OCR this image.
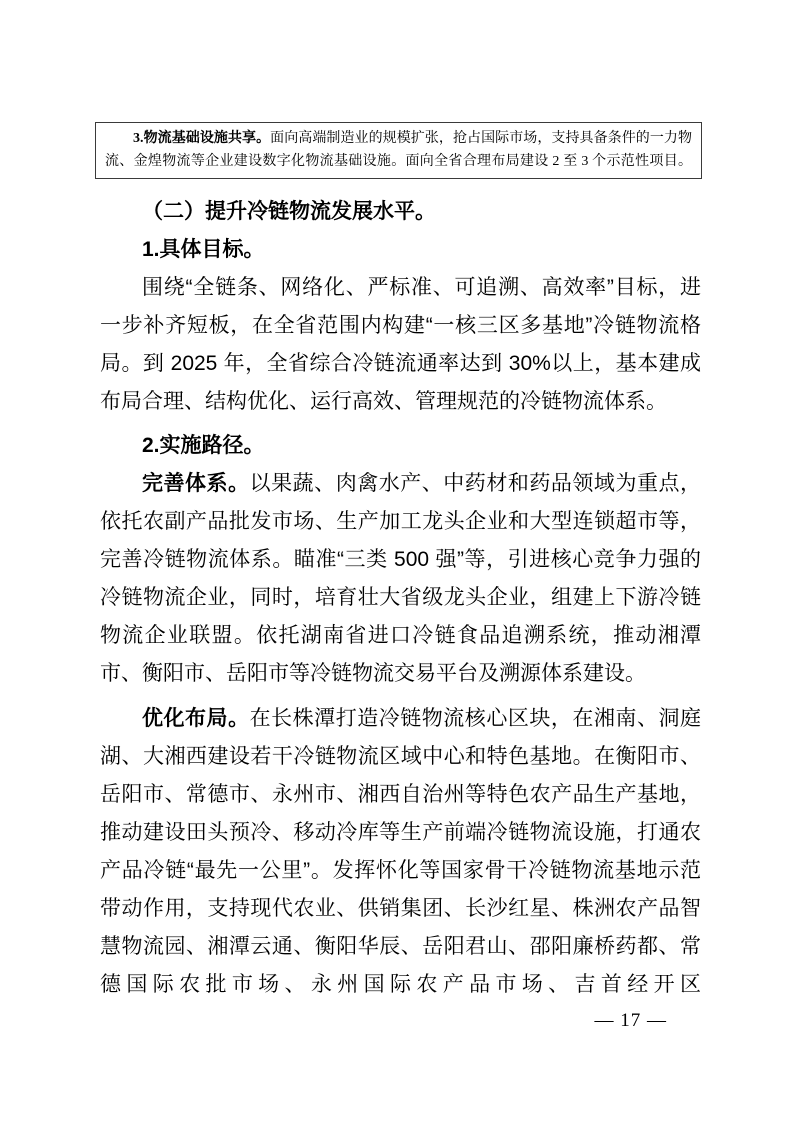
3.物流基础设施共享。面向高端制造业的规模扩张，抢占国际市场，支持具备条件的一力物流、金煌物流等企业建设数字化物流基础设施。面向全省合理布局建设 2 至 3 个示范性项目。
（二）提升冷链物流发展水平。
1.具体目标。

围绕“全链条、网络化、严标准、可追溯、高效率”目标，进一步补齐短板，在全省范围内构建“一核三区多基地”冷链物流格局。到 2025 年，全省综合冷链流通率达到 30%以上，基本建成布局合理、结构优化、运行高效、管理规范的冷链物流体系。

2.实施路径。

完善体系。以果蔬、肉禽水产、中药材和药品领域为重点，依托农副产品批发市场、生产加工龙头企业和大型连锁超市等，完善冷链物流体系。瞄准“三类 500 强”等，引进核心竞争力强的冷链物流企业，同时，培育壮大省级龙头企业，组建上下游冷链物流企业联盟。依托湖南省进口冷链食品追溯系统，推动湘潭市、衡阳市、岳阳市等冷链物流交易平台及溯源体系建设。

优化布局。在长株潭打造冷链物流核心区块，在湘南、洞庭湖、大湘西建设若干冷链物流区域中心和特色基地。在衡阳市、岳阳市、常德市、永州市、湘西自治州等特色农产品生产基地，推动建设田头预冷、移动冷库等生产前端冷链物流设施，打通农产品冷链“最先一公里”。发挥怀化等国家骨干冷链物流基地示范带动作用，支持现代农业、供销集团、长沙红星、株洲农产品智慧物流园、湘潭云通、衡阳华辰、岳阳君山、邵阳廉桥药都、常德国际农批市场、永州国际农产品市场、吉首经开区

— 17 —
